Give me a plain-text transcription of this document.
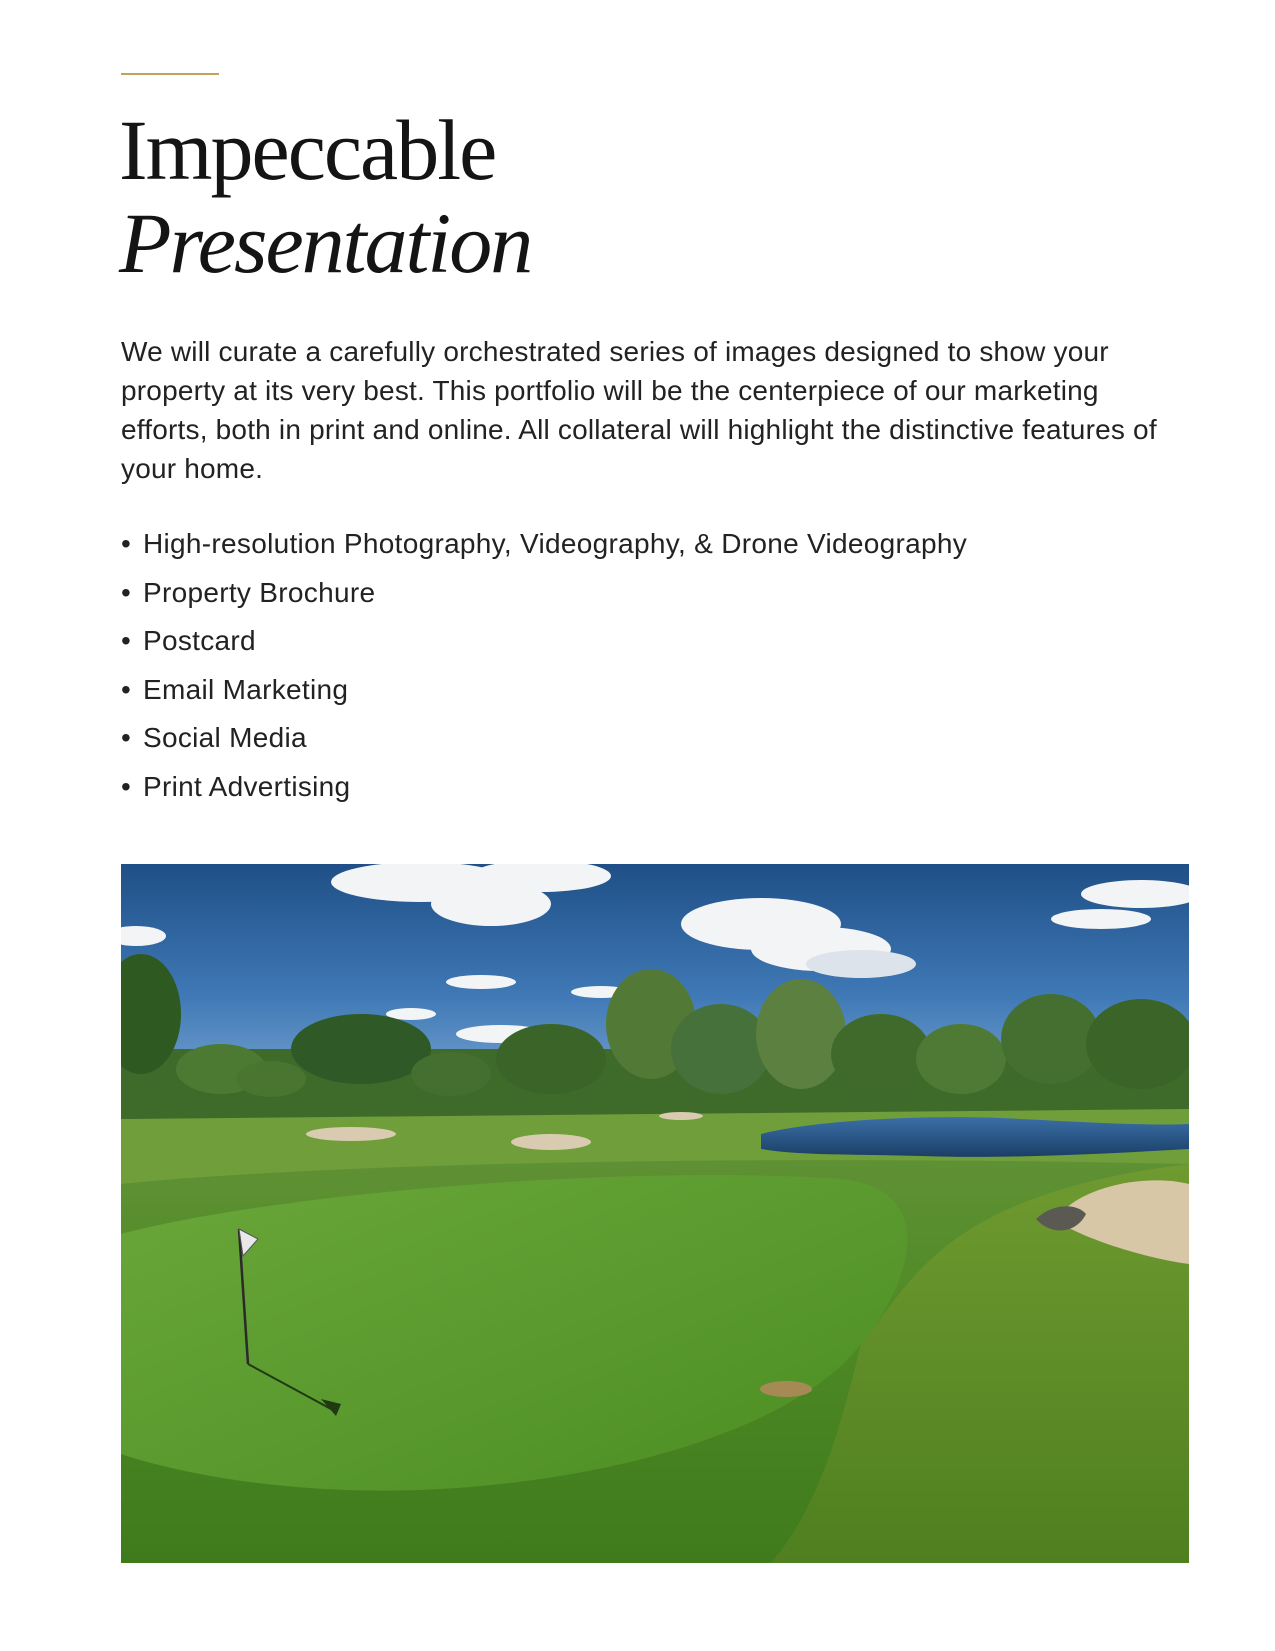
Impeccable
Presentation

We will curate a carefully orchestrated series of images designed to show your property at its very best. This portfolio will be the centerpiece of our marketing efforts, both in print and online. All collateral will highlight the distinctive features of your home.

• High-resolution Photography, Videography, & Drone Videography
• Property Brochure
• Postcard
• Email Marketing
• Social Media
• Print Advertising
